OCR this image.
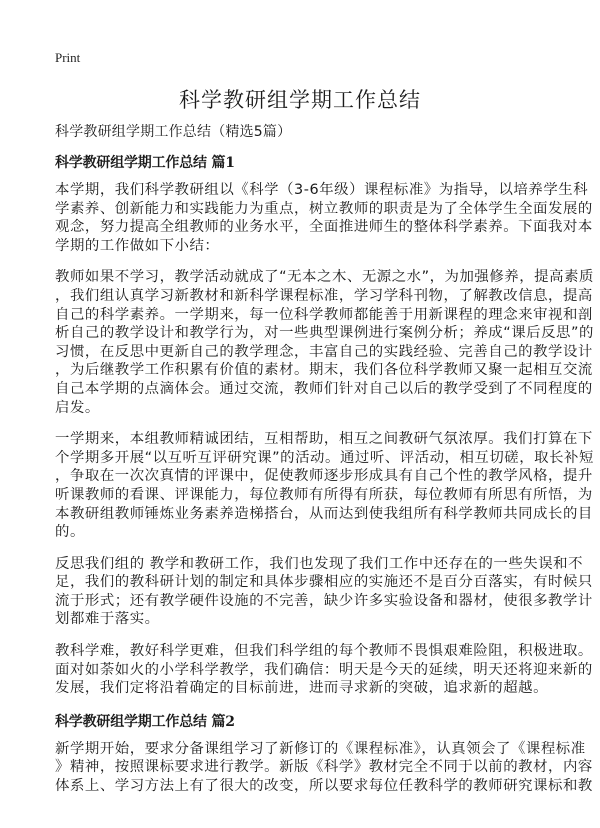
Print
科学教研组学期工作总结
科学教研组学期工作总结（精选5篇）
科学教研组学期工作总结 篇1
本学期，我们科学教研组以《科学（3-6年级）课程标准》为指导，以培养学生科
学素养、创新能力和实践能力为重点，树立教师的职责是为了全体学生全面发展的
观念，努力提高全组教师的业务水平，全面推进师生的整体科学素养。下面我对本
学期的工作做如下小结：
教师如果不学习，教学活动就成了“无本之木、无源之水”，为加强修养，提高素质
，我们组认真学习新教材和新科学课程标准，学习学科刊物，了解教改信息，提高
自己的科学素养。一学期来，每一位科学教师都能善于用新课程的理念来审视和剖
析自己的教学设计和教学行为，对一些典型课例进行案例分析；养成“课后反思”的
习惯，在反思中更新自己的教学理念，丰富自己的实践经验、完善自己的教学设计
，为后继教学工作积累有价值的素材。期末，我们各位科学教师又聚一起相互交流
自己本学期的点滴体会。通过交流，教师们针对自己以后的教学受到了不同程度的
启发。
一学期来，本组教师精诚团结，互相帮助，相互之间教研气氛浓厚。我们打算在下
个学期多开展“以互听互评研究课”的活动。通过听、评活动，相互切磋，取长补短
，争取在一次次真情的评课中，促使教师逐步形成具有自己个性的教学风格，提升
听课教师的看课、评课能力，每位教师有所得有所获，每位教师有所思有所悟，为
本教研组教师锤炼业务素养造梯搭台，从而达到使我组所有科学教师共同成长的目
的。
反思我们组的 教学和教研工作，我们也发现了我们工作中还存在的一些失误和不
足，我们的教科研计划的制定和具体步骤相应的实施还不是百分百落实，有时候只
流于形式；还有教学硬件设施的不完善，缺少许多实验设备和器材，使很多教学计
划都难于落实。
教科学难，教好科学更难，但我们科学组的每个教师不畏惧艰难险阻，积极进取。
面对如荼如火的小学科学教学，我们确信：明天是今天的延续，明天还将迎来新的
发展，我们定将沿着确定的目标前进，进而寻求新的突破，追求新的超越。
科学教研组学期工作总结 篇2
新学期开始，要求分备课组学习了新修订的《课程标准》，认真领会了《课程标准
》精神，按照课标要求进行教学。新版《科学》教材完全不同于以前的教材，内容
体系上、学习方法上有了很大的改变，所以要求每位任教科学的教师研究课标和教
